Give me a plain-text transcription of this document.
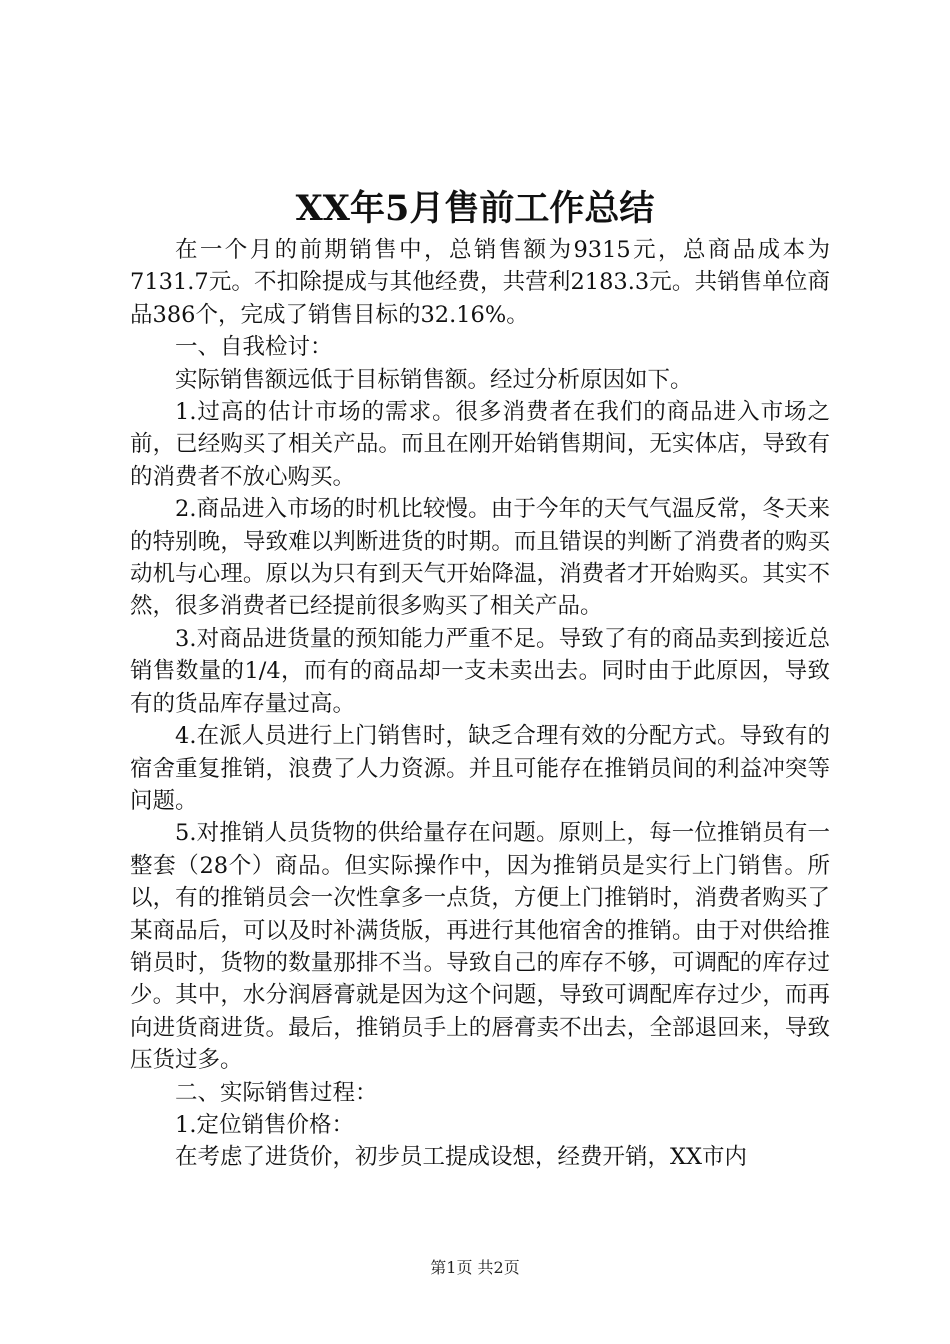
XX年5月售前工作总结

在一个月的前期销售中，总销售额为9315元，总商品成本为7131.7元。不扣除提成与其他经费，共营利2183.3元。共销售单位商品386个，完成了销售目标的32.16%。

一、自我检讨：

实际销售额远低于目标销售额。经过分析原因如下。

1.过高的估计市场的需求。很多消费者在我们的商品进入市场之前，已经购买了相关产品。而且在刚开始销售期间，无实体店，导致有的消费者不放心购买。

2.商品进入市场的时机比较慢。由于今年的天气气温反常，冬天来的特别晚，导致难以判断进货的时期。而且错误的判断了消费者的购买动机与心理。原以为只有到天气开始降温，消费者才开始购买。其实不然，很多消费者已经提前很多购买了相关产品。

3.对商品进货量的预知能力严重不足。导致了有的商品卖到接近总销售数量的1/4，而有的商品却一支未卖出去。同时由于此原因，导致有的货品库存量过高。

4.在派人员进行上门销售时，缺乏合理有效的分配方式。导致有的宿舍重复推销，浪费了人力资源。并且可能存在推销员间的利益冲突等问题。

5.对推销人员货物的供给量存在问题。原则上，每一位推销员有一整套（28个）商品。但实际操作中，因为推销员是实行上门销售。所以，有的推销员会一次性拿多一点货，方便上门推销时，消费者购买了某商品后，可以及时补满货版，再进行其他宿舍的推销。由于对供给推销员时，货物的数量那排不当。导致自己的库存不够，可调配的库存过少。其中，水分润唇膏就是因为这个问题，导致可调配库存过少，而再向进货商进货。最后，推销员手上的唇膏卖不出去，全部退回来，导致压货过多。

二、实际销售过程：

1.定位销售价格：

在考虑了进货价，初步员工提成设想，经费开销，XX市内

第1页 共2页
